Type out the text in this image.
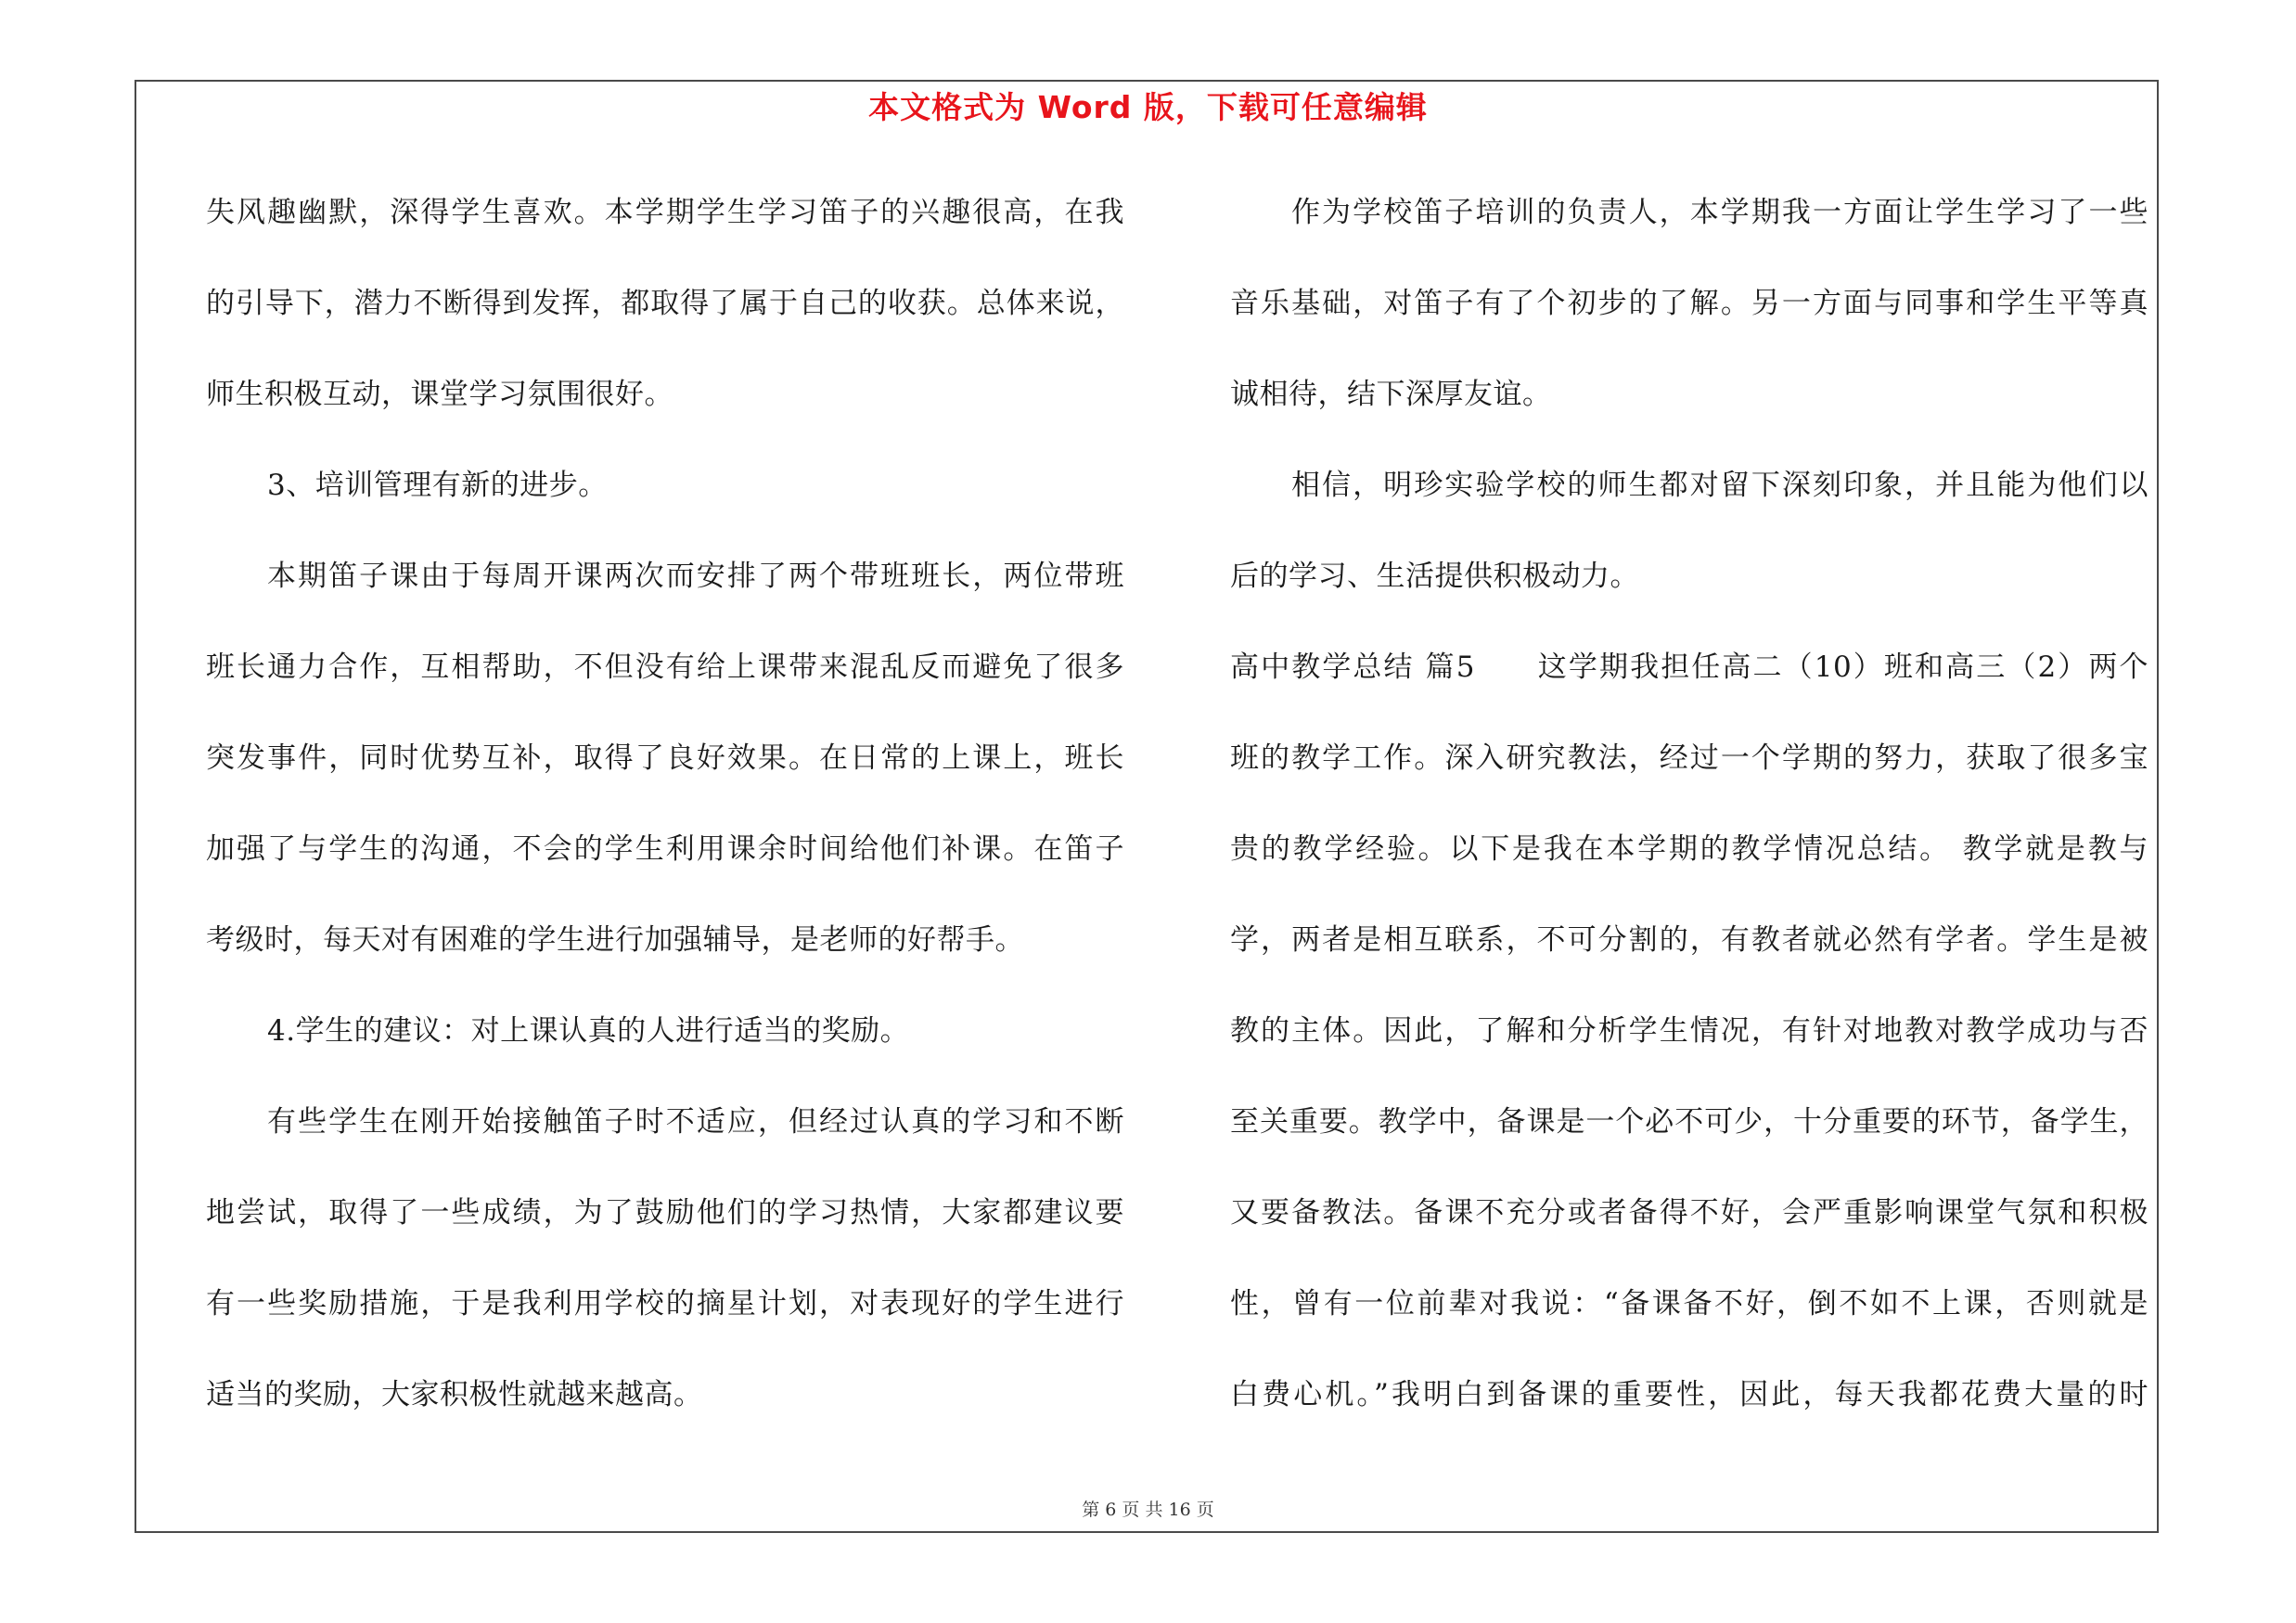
本文格式为 Word 版，下载可任意编辑
失风趣幽默，深得学生喜欢。本学期学生学习笛子的兴趣很高，在我
的引导下，潜力不断得到发挥，都取得了属于自己的收获。总体来说，
师生积极互动，课堂学习氛围很好。
3、培训管理有新的进步。
本期笛子课由于每周开课两次而安排了两个带班班长，两位带班
班长通力合作，互相帮助，不但没有给上课带来混乱反而避免了很多
突发事件，同时优势互补，取得了良好效果。在日常的上课上，班长
加强了与学生的沟通，不会的学生利用课余时间给他们补课。在笛子
考级时，每天对有困难的学生进行加强辅导，是老师的好帮手。
4.学生的建议：对上课认真的人进行适当的奖励。
有些学生在刚开始接触笛子时不适应，但经过认真的学习和不断
地尝试，取得了一些成绩，为了鼓励他们的学习热情，大家都建议要
有一些奖励措施，于是我利用学校的摘星计划，对表现好的学生进行
适当的奖励，大家积极性就越来越高。
作为学校笛子培训的负责人，本学期我一方面让学生学习了一些
音乐基础，对笛子有了个初步的了解。另一方面与同事和学生平等真
诚相待，结下深厚友谊。
相信，明珍实验学校的师生都对留下深刻印象，并且能为他们以
后的学习、生活提供积极动力。
高中教学总结 篇5　　这学期我担任高二（10）班和高三（2）两个
班的教学工作。深入研究教法，经过一个学期的努力，获取了很多宝
贵的教学经验。以下是我在本学期的教学情况总结。 教学就是教与
学，两者是相互联系，不可分割的，有教者就必然有学者。学生是被
教的主体。因此，了解和分析学生情况，有针对地教对教学成功与否
至关重要。教学中，备课是一个必不可少，十分重要的环节，备学生，
又要备教法。备课不充分或者备得不好，会严重影响课堂气氛和积极
性，曾有一位前辈对我说：“备课备不好，倒不如不上课，否则就是
白费心机。”我明白到备课的重要性，因此，每天我都花费大量的时
第 6 页 共 16 页
